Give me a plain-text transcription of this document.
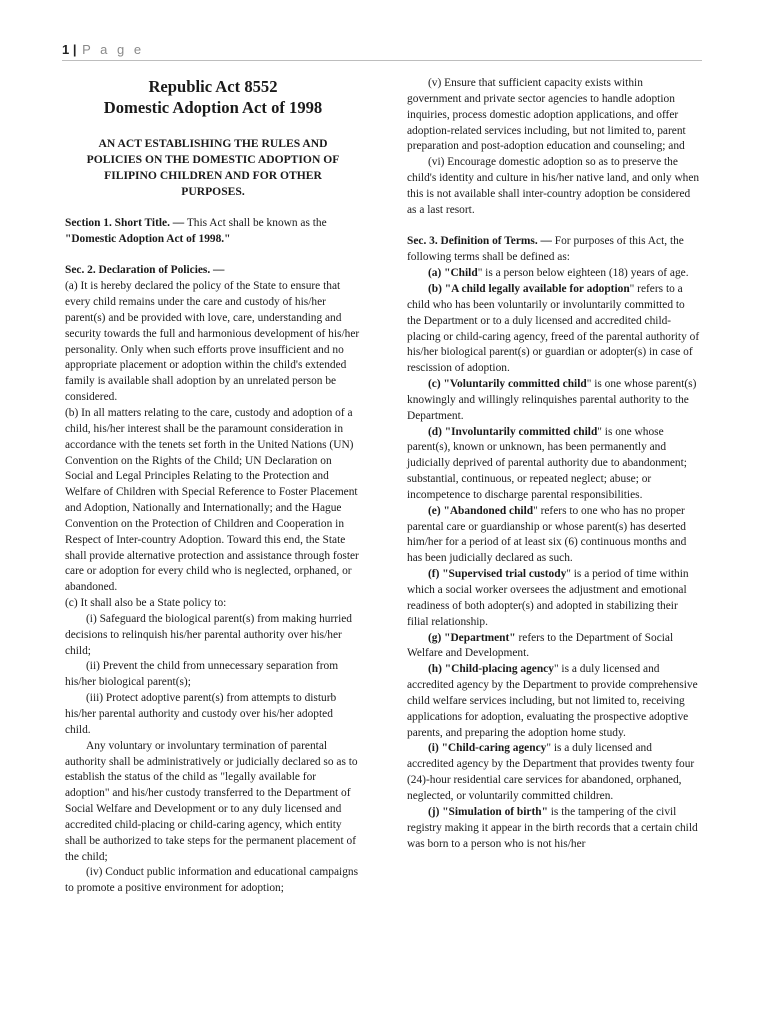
1 | P a g e

Republic Act 8552

Domestic Adoption Act of 1998

AN ACT ESTABLISHING THE RULES AND POLICIES ON THE DOMESTIC ADOPTION OF FILIPINO CHILDREN AND FOR OTHER PURPOSES.

Section 1. Short Title. — This Act shall be known as the "Domestic Adoption Act of 1998."

Sec. 2. Declaration of Policies. —

(a) It is hereby declared the policy of the State to ensure that every child remains under the care and custody of his/her parent(s) and be provided with love, care, understanding and security towards the full and harmonious development of his/her personality. Only when such efforts prove insufficient and no appropriate placement or adoption within the child's extended family is available shall adoption by an unrelated person be considered.

(b) In all matters relating to the care, custody and adoption of a child, his/her interest shall be the paramount consideration in accordance with the tenets set forth in the United Nations (UN) Convention on the Rights of the Child; UN Declaration on Social and Legal Principles Relating to the Protection and Welfare of Children with Special Reference to Foster Placement and Adoption, Nationally and Internationally; and the Hague Convention on the Protection of Children and Cooperation in Respect of Inter-country Adoption. Toward this end, the State shall provide alternative protection and assistance through foster care or adoption for every child who is neglected, orphaned, or abandoned.

(c) It shall also be a State policy to:

(i) Safeguard the biological parent(s) from making hurried decisions to relinquish his/her parental authority over his/her child;

(ii) Prevent the child from unnecessary separation from his/her biological parent(s);

(iii) Protect adoptive parent(s) from attempts to disturb his/her parental authority and custody over his/her adopted child.

Any voluntary or involuntary termination of parental authority shall be administratively or judicially declared so as to establish the status of the child as "legally available for adoption" and his/her custody transferred to the Department of Social Welfare and Development or to any duly licensed and accredited child-placing or child-caring agency, which entity shall be authorized to take steps for the permanent placement of the child;

(iv) Conduct public information and educational campaigns to promote a positive environment for adoption;

(v) Ensure that sufficient capacity exists within government and private sector agencies to handle adoption inquiries, process domestic adoption applications, and offer adoption-related services including, but not limited to, parent preparation and post-adoption education and counseling; and

(vi) Encourage domestic adoption so as to preserve the child's identity and culture in his/her native land, and only when this is not available shall inter-country adoption be considered as a last resort.

Sec. 3. Definition of Terms. — For purposes of this Act, the following terms shall be defined as:

(a) "Child" is a person below eighteen (18) years of age.

(b) "A child legally available for adoption" refers to a child who has been voluntarily or involuntarily committed to the Department or to a duly licensed and accredited child-placing or child-caring agency, freed of the parental authority of his/her biological parent(s) or guardian or adopter(s) in case of rescission of adoption.

(c) "Voluntarily committed child" is one whose parent(s) knowingly and willingly relinquishes parental authority to the Department.

(d) "Involuntarily committed child" is one whose parent(s), known or unknown, has been permanently and judicially deprived of parental authority due to abandonment; substantial, continuous, or repeated neglect; abuse; or incompetence to discharge parental responsibilities.

(e) "Abandoned child" refers to one who has no proper parental care or guardianship or whose parent(s) has deserted him/her for a period of at least six (6) continuous months and has been judicially declared as such.

(f) "Supervised trial custody" is a period of time within which a social worker oversees the adjustment and emotional readiness of both adopter(s) and adopted in stabilizing their filial relationship.

(g) "Department" refers to the Department of Social Welfare and Development.

(h) "Child-placing agency" is a duly licensed and accredited agency by the Department to provide comprehensive child welfare services including, but not limited to, receiving applications for adoption, evaluating the prospective adoptive parents, and preparing the adoption home study.

(i) "Child-caring agency" is a duly licensed and accredited agency by the Department that provides twenty four (24)-hour residential care services for abandoned, orphaned, neglected, or voluntarily committed children.

(j) "Simulation of birth" is the tampering of the civil registry making it appear in the birth records that a certain child was born to a person who is not his/her
